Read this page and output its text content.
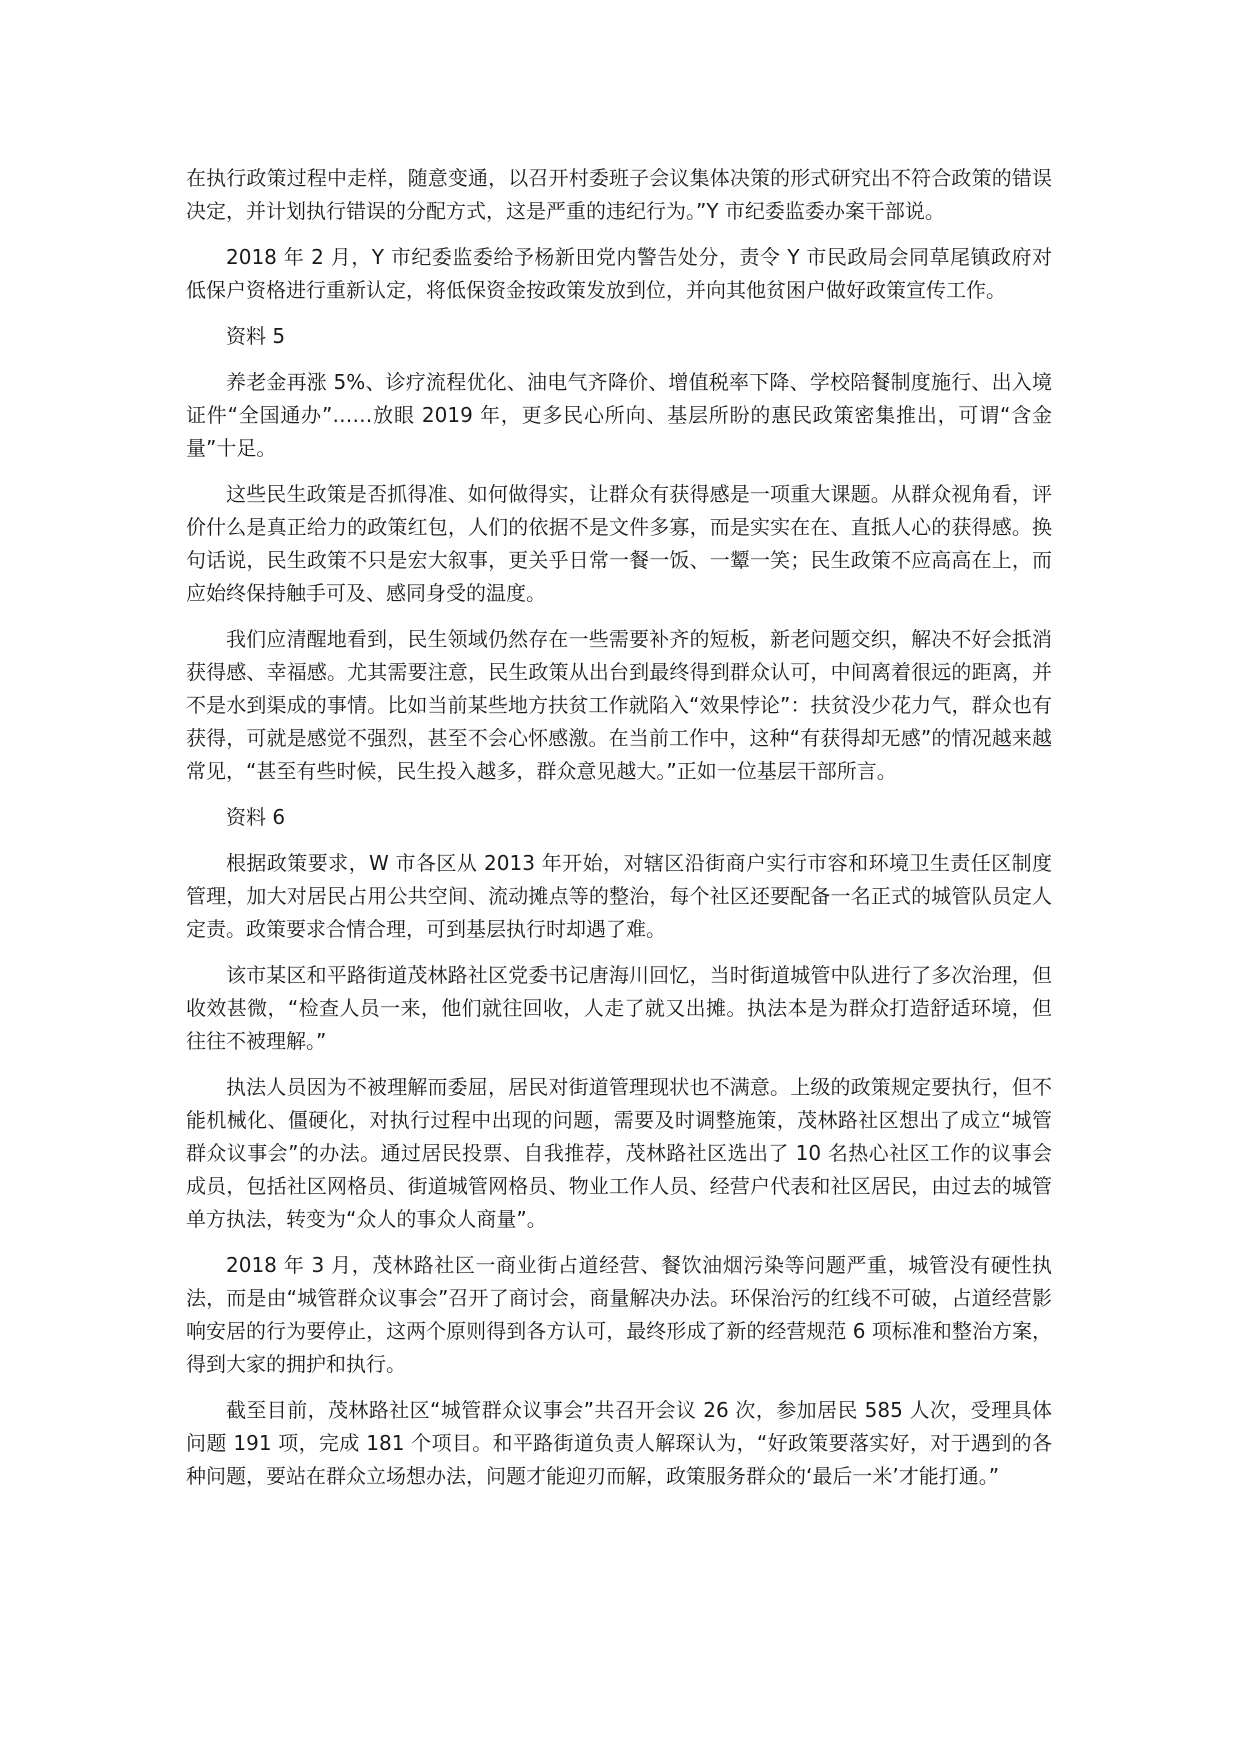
在执行政策过程中走样，随意变通，以召开村委班子会议集体决策的形式研究出不符合政策的错误决定，并计划执行错误的分配方式，这是严重的违纪行为。”Y 市纪委监委办案干部说。

2018 年 2 月，Y 市纪委监委给予杨新田党内警告处分，责令 Y 市民政局会同草尾镇政府对低保户资格进行重新认定，将低保资金按政策发放到位，并向其他贫困户做好政策宣传工作。

资料 5

养老金再涨 5%、诊疗流程优化、油电气齐降价、增值税率下降、学校陪餐制度施行、出入境证件“全国通办”……放眼 2019 年，更多民心所向、基层所盼的惠民政策密集推出，可谓“含金量”十足。

这些民生政策是否抓得准、如何做得实，让群众有获得感是一项重大课题。从群众视角看，评价什么是真正给力的政策红包，人们的依据不是文件多寡，而是实实在在、直抵人心的获得感。换句话说，民生政策不只是宏大叙事，更关乎日常一餐一饭、一颦一笑；民生政策不应高高在上，而应始终保持触手可及、感同身受的温度。

我们应清醒地看到，民生领域仍然存在一些需要补齐的短板，新老问题交织，解决不好会抵消获得感、幸福感。尤其需要注意，民生政策从出台到最终得到群众认可，中间离着很远的距离，并不是水到渠成的事情。比如当前某些地方扶贫工作就陷入“效果悖论”：扶贫没少花力气，群众也有获得，可就是感觉不强烈，甚至不会心怀感激。在当前工作中，这种“有获得却无感”的情况越来越常见，“甚至有些时候，民生投入越多，群众意见越大。”正如一位基层干部所言。

资料 6

根据政策要求，W 市各区从 2013 年开始，对辖区沿街商户实行市容和环境卫生责任区制度管理，加大对居民占用公共空间、流动摊点等的整治，每个社区还要配备一名正式的城管队员定人定责。政策要求合情合理，可到基层执行时却遇了难。

该市某区和平路街道茂林路社区党委书记唐海川回忆，当时街道城管中队进行了多次治理，但收效甚微，“检查人员一来，他们就往回收，人走了就又出摊。执法本是为群众打造舒适环境，但往往不被理解。”

执法人员因为不被理解而委屈，居民对街道管理现状也不满意。上级的政策规定要执行，但不能机械化、僵硬化，对执行过程中出现的问题，需要及时调整施策，茂林路社区想出了成立“城管群众议事会”的办法。通过居民投票、自我推荐，茂林路社区选出了 10 名热心社区工作的议事会成员，包括社区网格员、街道城管网格员、物业工作人员、经营户代表和社区居民，由过去的城管单方执法，转变为“众人的事众人商量”。

2018 年 3 月，茂林路社区一商业街占道经营、餐饮油烟污染等问题严重，城管没有硬性执法，而是由“城管群众议事会”召开了商讨会，商量解决办法。环保治污的红线不可破，占道经营影响安居的行为要停止，这两个原则得到各方认可，最终形成了新的经营规范 6 项标准和整治方案，得到大家的拥护和执行。

截至目前，茂林路社区“城管群众议事会”共召开会议 26 次，参加居民 585 人次，受理具体问题 191 项，完成 181 个项目。和平路街道负责人解琛认为，“好政策要落实好，对于遇到的各种问题，要站在群众立场想办法，问题才能迎刃而解，政策服务群众的‘最后一米’才能打通。”
